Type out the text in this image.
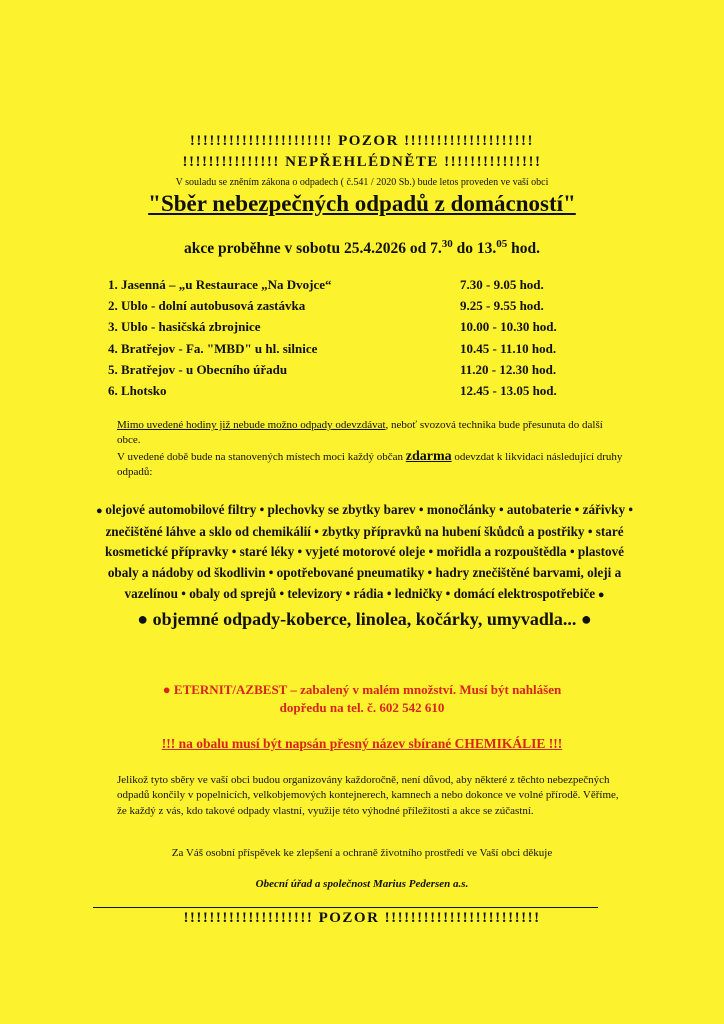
!!!!!!!!!!!!!!!!!!!!!! POZOR !!!!!!!!!!!!!!!!!!!!
!!!!!!!!!!!!!!! NEPŘEHLÉDNĚTE !!!!!!!!!!!!!!!
V souladu se zněním zákona o odpadech ( č.541 / 2020 Sb.) bude letos proveden ve vaší obci
"Sběr nebezpečných odpadů z domácností"
akce proběhne v sobotu 25.4.2026 od 7.30 do 13.05 hod.
1. Jasenná – „u Restaurace „Na Dvojce“	7.30 - 9.05 hod.
2. Ublo - dolní autobusová zastávka	9.25 - 9.55 hod.
3. Ublo - hasičská zbrojnice	10.00 - 10.30 hod.
4. Bratřejov - Fa. "MBD" u hl. silnice	10.45 - 11.10 hod.
5. Bratřejov - u Obecního úřadu	11.20 - 12.30 hod.
6. Lhotsko	12.45 - 13.05 hod.
Mimo uvedené hodiny již nebude možno odpady odevzdávat, neboť svozová technika bude přesunuta do další obce.
V uvedené době bude na stanovených místech moci každý občan zdarma odevzdat k likvidaci následující druhy odpadů:
● olejové automobilové filtry • plechovky se zbytky barev • monočlánky • autobaterie • zářivky • znečištěné láhve a sklo od chemikálií • zbytky přípravků na hubení škůdců a postřiky • staré kosmetické přípravky • staré léky • vyjeté motorové oleje • mořidla a rozpouštědla • plastové obaly a nádoby od škodlivin • opotřebované pneumatiky • hadry znečištěné barvami, oleji a vazelínou • obaly od sprejů • televizory • rádia • ledničky • domácí elektrospotřebiče ●
● objemné odpady-koberce, linolea, kočárky, umyvadla... ●
● ETERNIT/AZBEST – zabalený v malém množství. Musí být nahlášen
dopředu na tel. č. 602 542 610
!!! na obalu musí být napsán přesný název sbírané CHEMIKÁLIE !!!
Jelikož tyto sběry ve vaší obci budou organizovány každoročně, není důvod, aby některé z těchto nebezpečných odpadů končily v popelnicích, velkobjemových kontejnerech, kamnech a nebo dokonce ve volné přírodě. Věříme, že každý z vás, kdo takové odpady vlastní, využije této výhodné příležitosti a akce se zúčastní.
Za Váš osobní příspěvek ke zlepšení a ochraně životního prostředí ve Vaší obci děkuje
Obecní úřad a společnost Marius Pedersen a.s.
!!!!!!!!!!!!!!!!!!!! POZOR !!!!!!!!!!!!!!!!!!!!!!!!
